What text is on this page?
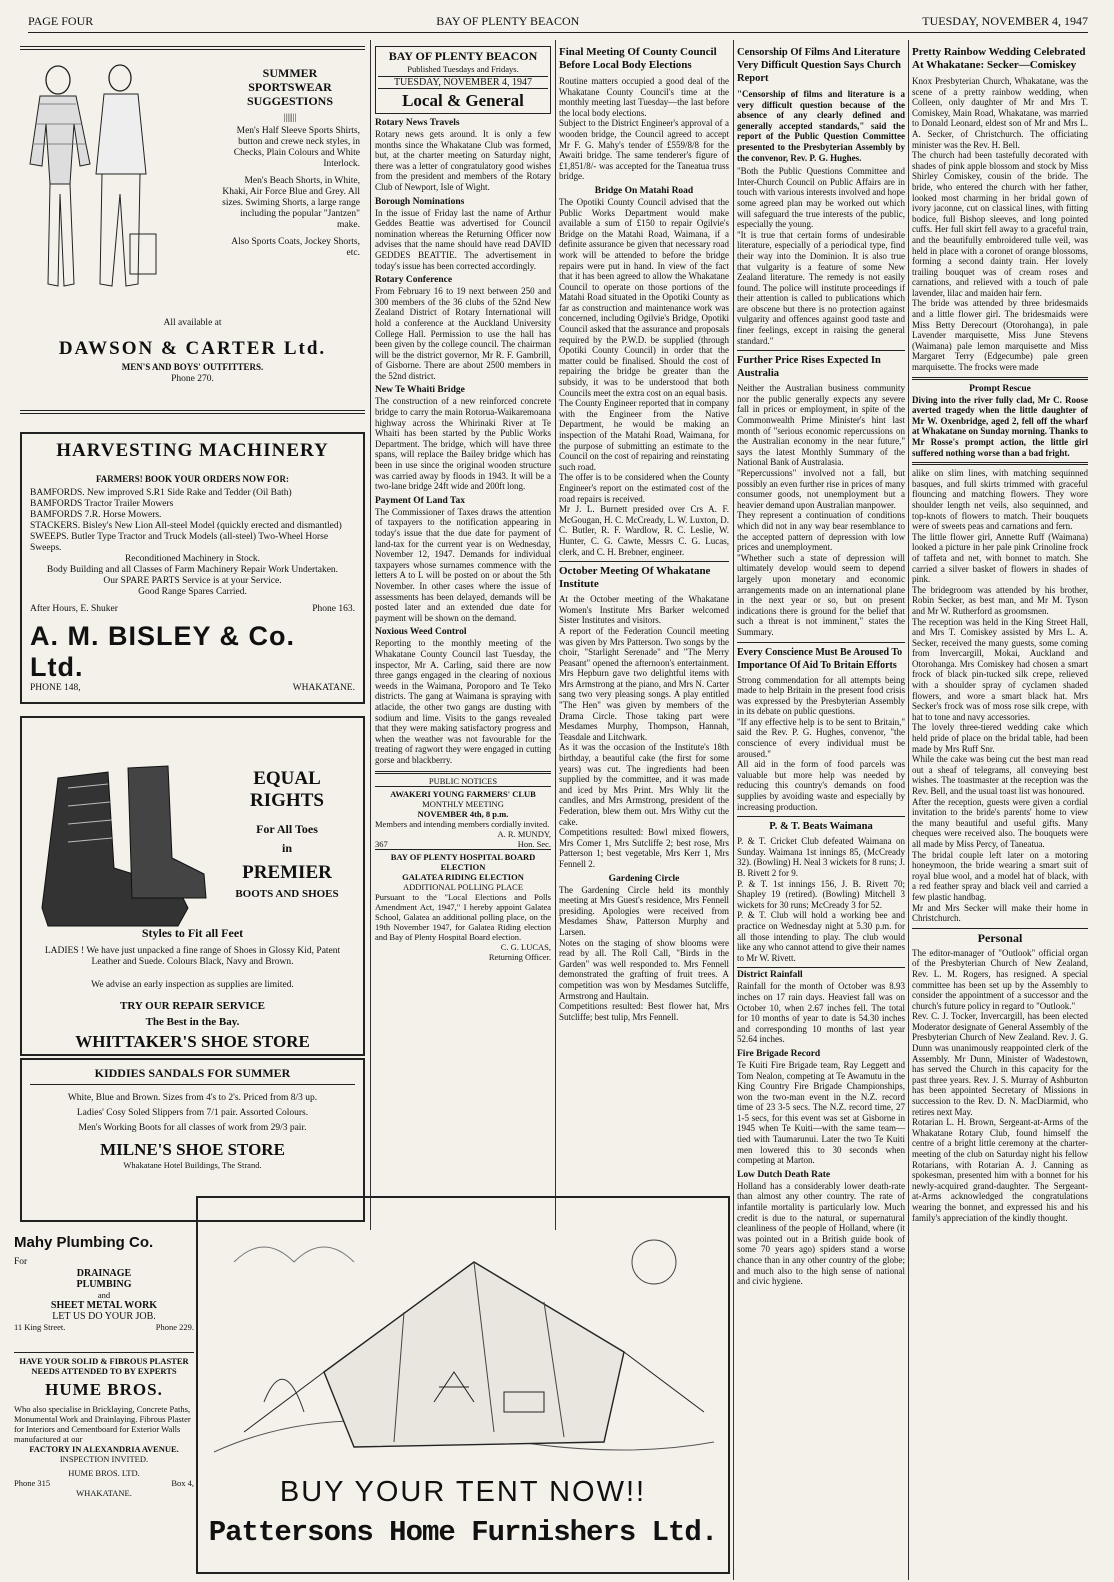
PAGE FOUR	BAY OF PLENTY BEACON	TUESDAY, NOVEMBER 4, 1947
SUMMER SPORTSWEAR SUGGESTIONS
|||||||
Men's Half Sleeve Sports Shirts, button and crewe neck styles, in Checks, Plain Colours and White Interlock.
Men's Beach Shorts, in White, Khaki, Air Force Blue and Grey. All sizes. Swiming Shorts, a large range including the popular "Jantzen" make.
Also Sports Coats, Jockey Shorts, etc.
All available at
DAWSON & CARTER Ltd.
MEN'S AND BOYS' OUTFITTERS.
Phone 270.
HARVESTING MACHINERY
FARMERS! BOOK YOUR ORDERS NOW FOR:
BAMFORDS. New improved S.R1 Side Rake and Tedder (Oil Bath)
BAMFORDS Tractor Trailer Mowers
BAMFORDS 7.R. Horse Mowers.
STACKERS. Bisley's New Lion All-steel Model (quickly erected and dismantled)
SWEEPS. Butler Type Tractor and Truck Models (all-steel) Two-Wheel Horse Sweeps.
Reconditioned Machinery in Stock.
Body Building and all Classes of Farm Machinery Repair Work Undertaken.
Our SPARE PARTS Service is at your Service.
Good Range Spares Carried.
After Hours, E. Shuker	Phone 163.
A. M. BISLEY & Co. Ltd.
PHONE 148,	WHAKATANE.
EQUAL
RIGHTS
For All Toes
in
PREMIER
BOOTS AND SHOES
Styles to Fit all Feet
LADIES ! We have just unpacked a fine range of Shoes in Glossy Kid, Patent Leather and Suede. Colours Black, Navy and Brown.
We advise an early inspection as supplies are limited.
TRY OUR REPAIR SERVICE
The Best in the Bay.
WHITTAKER'S SHOE STORE
KIDDIES SANDALS FOR SUMMER
White, Blue and Brown. Sizes from 4's to 2's. Priced from 8/3 up.
Ladies' Cosy Soled Slippers from 7/1 pair. Assorted Colours.
Men's Working Boots for all classes of work from 29/3 pair.
MILNE'S SHOE STORE
Whakatane Hotel Buildings, The Strand.
Mahy Plumbing Co.
For
DRAINAGE
PLUMBING
and
SHEET METAL WORK
LET US DO YOUR JOB.
11 King Street.	Phone 229.
HAVE YOUR SOLID & FIBROUS PLASTER NEEDS ATTENDED TO BY EXPERTS
HUME BROS.
Who also specialise in Bricklaying, Concrete Paths, Monumental Work and Drainlaying. Fibrous Plaster for Interiors and Cementboard for Exterior Walls manufactured at our
FACTORY IN ALEXANDRIA AVENUE.
INSPECTION INVITED.
HUME BROS. LTD.
Phone 315	Box 4,
WHAKATANE.	BUY YOUR TENT NOW!!
Pattersons Home Furnishers Ltd.
BAY OF PLENTY BEACON
Published Tuesdays and Fridays.
TUESDAY, NOVEMBER 4, 1947
Local & General
Rotary News Travels
Rotary news gets around. It is only a few months since the Whakatane Club was formed, but, at the charter meeting on Saturday night, there was a letter of congratulatory good wishes from the president and members of the Rotary Club of Newport, Isle of Wight.
Borough Nominations
In the issue of Friday last the name of Arthur Geddes Beattie was advertised for Council nomination whereas the Returning Officer now advises that the name should have read DAVID GEDDES BEATTIE. The advertisement in today's issue has been corrected accordingly.
Rotary Conference
From February 16 to 19 next between 250 and 300 members of the 36 clubs of the 52nd New Zealand District of Rotary International will hold a conference at the Auckland University College Hall. Permission to use the hall has been given by the college council. The chairman will be the district governor, Mr R. F. Gambrill, of Gisborne. There are about 2500 members in the 52nd district.
New Te Whaiti Bridge
The construction of a new reinforced concrete bridge to carry the main Rotorua-Waikaremoana highway across the Whirinaki River at Te Whaiti has been started by the Public Works Department. The bridge, which will have three spans, will replace the Bailey bridge which has been in use since the original wooden structure was carried away by floods in 1943. It will be a two-lane bridge 24ft wide and 200ft long.
Payment Of Land Tax
The Commissioner of Taxes draws the attention of taxpayers to the notification appearing in today's issue that the due date for payment of land-tax for the current year is on Wednesday, November 12, 1947. Demands for individual taxpayers whose surnames commence with the letters A to L will be posted on or about the 5th November. In other cases where the issue of assessments has been delayed, demands will be posted later and an extended due date for payment will be shown on the demand.
Noxious Weed Control
Reporting to the monthly meeting of the Whakatane County Council last Tuesday, the inspector, Mr A. Carling, said there are now three gangs engaged in the clearing of noxious weeds in the Waimana, Poroporo and Te Teko districts. The gang at Waimana is spraying with atlacide, the other two gangs are dusting with sodium and lime. Visits to the gangs revealed that they were making satisfactory progress and when the weather was not favourable for the treating of ragwort they were engaged in cutting gorse and blackberry.
PUBLIC NOTICES
AWAKERI YOUNG FARMERS' CLUB
MONTHLY MEETING
NOVEMBER 4th, 8 p.m.
Members and intending members cordially invited.
A. R. MUNDY,
367	Hon. Sec.
BAY OF PLENTY HOSPITAL BOARD ELECTION
GALATEA RIDING ELECTION
ADDITIONAL POLLING PLACE
Pursuant to the "Local Elections and Polls Amendment Act, 1947," I hereby appoint Galatea School, Galatea an additional polling place, on the 19th November 1947, for Galatea Riding election and Bay of Plenty Hospital Board election.
C. G. LUCAS,
Returning Officer.
Final Meeting Of County Council Before Local Body Elections
Routine matters occupied a good deal of the Whakatane County Council's time at the monthly meeting last Tuesday—the last before the local body elections.
Subject to the District Engineer's approval of a wooden bridge, the Council agreed to accept Mr F. G. Mahy's tender of £559/8/8 for the Awaiti bridge. The same tenderer's figure of £1,851/8/- was accepted for the Taneatua truss bridge.
Bridge On Matahi Road
The Opotiki County Council advised that the Public Works Department would make available a sum of £150 to repair Ogilvie's Bridge on the Matahi Road, Waimana, if a definite assurance be given that necessary road work will be attended to before the bridge repairs were put in hand. In view of the fact that it has been agreed to allow the Whakatane Council to operate on those portions of the Matahi Road situated in the Opotiki County as far as construction and maintenance work was concerned, including Ogilvie's Bridge, Opotiki Council asked that the assurance and proposals required by the P.W.D. be supplied (through Opotiki County Council) in order that the matter could be finalised. Should the cost of repairing the bridge be greater than the subsidy, it was to be understood that both Councils meet the extra cost on an equal basis.
The County Engineer reported that in company with the Engineer from the Native Department, he would be making an inspection of the Matahi Road, Waimana, for the purpose of submitting an estimate to the Council on the cost of repairing and reinstating such road.
The offer is to be considered when the County Engineer's report on the estimated cost of the road repairs is received.
Mr J. L. Burnett presided over Crs A. F. McGougan, H. C. McCready, L. W. Luxton, D. C. Butler, R. F. Wardlow, R. C. Leslie, W. Hunter, C. G. Cawte, Messrs C. G. Lucas, clerk, and C. H. Brebner, engineer.
October Meeting Of Whakatane Institute
At the October meeting of the Whakatane Women's Institute Mrs Barker welcomed Sister Institutes and visitors.
A report of the Federation Council meeting was given by Mrs Patterson. Two songs by the choir, "Starlight Serenade" and "The Merry Peasant" opened the afternoon's entertainment. Mrs Hepburn gave two delightful items with Mrs Armstrong at the piano, and Mrs N. Carter sang two very pleasing songs. A play entitled "The Hen" was given by members of the Drama Circle. Those taking part were Mesdames Murphy, Thompson, Hannah, Teasdale and Litchwark.
As it was the occasion of the Institute's 18th birthday, a beautiful cake (the first for some years) was cut. The ingredients had been supplied by the committee, and it was made and iced by Mrs Print. Mrs Whly lit the candles, and Mrs Armstrong, president of the Federation, blew them out. Mrs Withy cut the cake.
Competitions resulted: Bowl mixed flowers, Mrs Comer 1, Mrs Sutcliffe 2; best rose, Mrs Patterson 1; best vegetable, Mrs Kerr 1, Mrs Fennell 2.
Gardening Circle
The Gardening Circle held its monthly meeting at Mrs Guest's residence, Mrs Fennell presiding. Apologies were received from Mesdames Shaw, Patterson Murphy and Larsen.
Notes on the staging of show blooms were read by all. The Roll Call, "Birds in the Garden" was well responded to. Mrs Fennell demonstrated the grafting of fruit trees. A competition was won by Mesdames Sutcliffe, Armstrong and Haultain.
Competitions resulted: Best flower hat, Mrs Sutcliffe; best tulip, Mrs Fennell.
Censorship Of Films And Literature Very Difficult Question Says Church Report
"Censorship of films and literature is a very difficult question because of the absence of any clearly defined and generally accepted standards," said the report of the Public Question Committee presented to the Presbyterian Assembly by the convenor, Rev. P. G. Hughes.
"Both the Public Questions Committee and Inter-Church Council on Public Affairs are in touch with various interests involved and hope some agreed plan may be worked out which will safeguard the true interests of the public, especially the young.
"It is true that certain forms of undesirable literature, especially of a periodical type, find their way into the Dominion. It is also true that vulgarity is a feature of some New Zealand literature. The remedy is not easily found. The police will institute proceedings if their attention is called to publications which are obscene but there is no protection against vulgarity and offences against good taste and finer feelings, except in raising the general standard."
Further Price Rises Expected In Australia
Neither the Australian business community nor the public generally expects any severe fall in prices or employment, in spite of the Commonwealth Prime Minister's hint last month of "serious economic repercussions on the Australian economy in the near future," says the latest Monthly Summary of the National Bank of Australasia.
"Repercussions" involved not a fall, but possibly an even further rise in prices of many consumer goods, not unemployment but a heavier demand upon Australian manpower.
They represent a continuation of conditions which did not in any way bear resemblance to the accepted pattern of depression with low prices and unemployment.
"Whether such a state of depression will ultimately develop would seem to depend largely upon monetary and economic arrangements made on an international plane in the next year or so, but on present indications there is ground for the belief that such a threat is not imminent," states the Summary.
Every Conscience Must Be Aroused To Importance Of Aid To Britain Efforts
Strong commendation for all attempts being made to help Britain in the present food crisis was expressed by the Presbyterian Assembly in its debate on public questions.
"If any effective help is to be sent to Britain," said the Rev. P. G. Hughes, convenor, "the conscience of every individual must be aroused."
All aid in the form of food parcels was valuable but more help was needed by reducing this country's demands on food supplies by avoiding waste and especially by increasing production.
P. & T. Beats Waimana
P. & T. Cricket Club defeated Waimana on Sunday. Waimana 1st innings 85, (McCready 32). (Bowling) H. Neal 3 wickets for 8 runs; J. B. Rivett 2 for 9.
P. & T. 1st innings 156, J. B. Rivett 70; Shapley 19 (retired). (Bowling) Mitchell 3 wickets for 30 runs; McCready 3 for 52.
P. & T. Club will hold a working bee and practice on Wednesday night at 5.30 p.m. for all those intending to play. The club would like any who cannot attend to give their names to Mr W. Rivett.
District Rainfall
Rainfall for the month of October was 8.93 inches on 17 rain days. Heaviest fall was on October 10, when 2.67 inches fell. The total for 10 months of year to date is 54.30 inches and corresponding 10 months of last year 52.64 inches.
Fire Brigade Record
Te Kuiti Fire Brigade team, Ray Leggett and Tom Nealon, competing at Te Awamutu in the King Country Fire Brigade Championships, won the two-man event in the N.Z. record time of 23 3-5 secs. The N.Z. record time, 27 1-5 secs, for this event was set at Gisborne in 1945 when Te Kuiti—with the same team—tied with Taumarunui. Later the two Te Kuiti men lowered this to 30 seconds when competing at Marton.
Low Dutch Death Rate
Holland has a considerably lower death-rate than almost any other country. The rate of infantile mortality is particularly low. Much credit is due to the natural, or supernatural cleanliness of the people of Holland, where (it was pointed out in a British guide book of some 70 years ago) spiders stand a worse chance than in any other country of the globe; and much also to the high sense of national and civic hygiene.
Pretty Rainbow Wedding Celebrated At Whakatane: Secker—Comiskey
Knox Presbyterian Church, Whakatane, was the scene of a pretty rainbow wedding, when Colleen, only daughter of Mr and Mrs T. Comiskey, Main Road, Whakatane, was married to Donald Leonard, eldest son of Mr and Mrs L. A. Secker, of Christchurch. The officiating minister was the Rev. H. Bell.
The church had been tastefully decorated with shades of pink apple blossom and stock by Miss Shirley Comiskey, cousin of the bride. The bride, who entered the church with her father, looked most charming in her bridal gown of ivory jaconne, cut on classical lines, with fitting bodice, full Bishop sleeves, and long pointed cuffs. Her full skirt fell away to a graceful train, and the beautifully embroidered tulle veil, was held in place with a coronet of orange blossoms, forming a second dainty train. Her lovely trailing bouquet was of cream roses and carnations, and relieved with a touch of pale lavender, lilac and maiden hair fern.
The bride was attended by three bridesmaids and a little flower girl. The bridesmaids were Miss Betty Derecourt (Otorohanga), in pale Lavender marquisette, Miss June Stevens (Waimana) pale lemon marquisette and Miss Margaret Terry (Edgecumbe) pale green marquisette. The frocks were made
Prompt Rescue
Diving into the river fully clad, Mr C. Roose averted tragedy when the little daughter of Mr W. Oxenbridge, aged 2, fell off the wharf at Whakatane on Sunday morning. Thanks to Mr Rosse's prompt action, the little girl suffered nothing worse than a bad fright.
alike on slim lines, with matching sequinned basques, and full skirts trimmed with graceful flouncing and matching flowers. They wore shoulder length net veils, also sequinned, and top-knots of flowers to match. Their bouquets were of sweets peas and carnations and fern.
The little flower girl, Annette Ruff (Waimana) looked a picture in her pale pink Crinoline frock of taffeta and net, with bonnet to match. She carried a silver basket of flowers in shades of pink.
The bridegroom was attended by his brother, Robin Secker, as best man, and Mr M. Tyson and Mr W. Rutherford as groomsmen.
The reception was held in the King Street Hall, and Mrs T. Comiskey assisted by Mrs L. A. Secker, received the many guests, some coming from Invercargill, Mokai, Auckland and Otorohanga. Mrs Comiskey had chosen a smart frock of black pin-tucked silk crepe, relieved with a shoulder spray of cyclamen shaded flowers, and wore a smart black hat. Mrs Secker's frock was of moss rose silk crepe, with hat to tone and navy accessories.
The lovely three-tiered wedding cake which held pride of place on the bridal table, had been made by Mrs Ruff Snr.
While the cake was being cut the best man read out a sheaf of telegrams, all conveying best wishes. The toastmaster at the reception was the Rev. Bell, and the usual toast list was honoured.
After the reception, guests were given a cordial invitation to the bride's parents' home to view the many beautiful and useful gifts. Many cheques were received also. The bouquets were all made by Miss Percy, of Taneatua.
The bridal couple left later on a motoring honeymoon, the bride wearing a smart suit of royal blue wool, and a model hat of black, with a red feather spray and black veil and carried a few plastic handbag.
Mr and Mrs Secker will make their home in Christchurch.
Personal
The editor-manager of "Outlook" official organ of the Presbyterian Church of New Zealand, Rev. L. M. Rogers, has resigned. A special committee has been set up by the Assembly to consider the appointment of a successor and the church's future policy in regard to "Outlook."
Rev. C. J. Tocker, Invercargill, has been elected Moderator designate of General Assembly of the Presbyterian Church of New Zealand. Rev. J. G. Dunn was unanimously reappointed clerk of the Assembly. Mr Dunn, Minister of Wadestown, has served the Church in this capacity for the past three years. Rev. J. S. Murray of Ashburton has been appointed Secretary of Missions in succession to the Rev. D. N. MacDiarmid, who retires next May.
Rotarian L. H. Brown, Sergeant-at-Arms of the Whakatane Rotary Club, found himself the centre of a bright little ceremony at the charter-meeting of the club on Saturday night his fellow Rotarians, with Rotarian A. J. Canning as spokesman, presented him with a bonnet for his newly-acquired grand-daughter. The Sergeant-at-Arms acknowledged the congratulations wearing the bonnet, and expressed his and his family's appreciation of the kindly thought.
